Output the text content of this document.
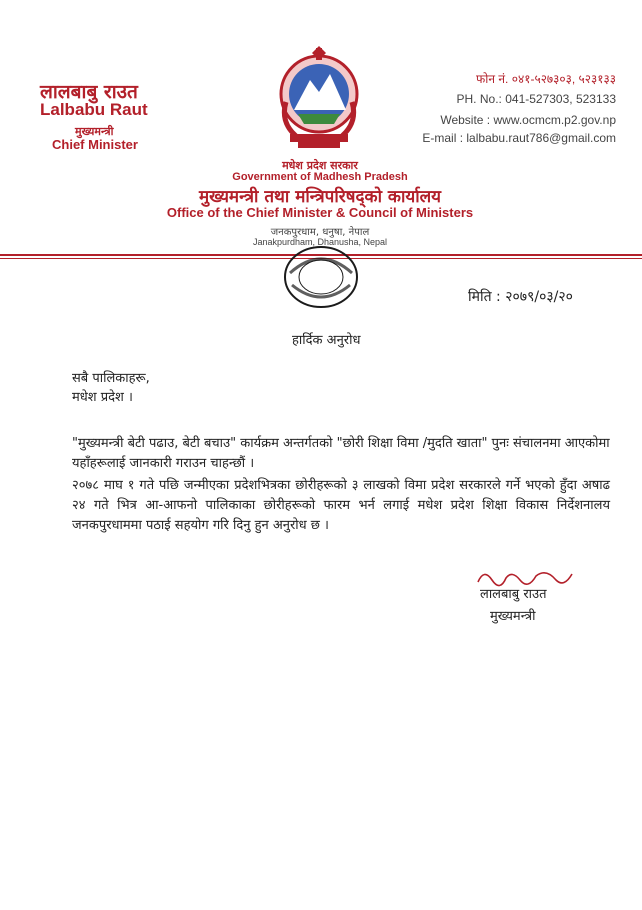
लालबाबु राउत
Lalbabu Raut
मुख्यमन्त्री
Chief Minister
फोन नं. ०४१-५२७३०३, ५२३१३३
PH. No.: 041-527303, 523133
Website : www.ocmcm.p2.gov.np
E-mail : lalbabu.raut786@gmail.com
मधेश प्रदेश सरकार
Government of Madhesh Pradesh
मुख्यमन्त्री तथा मन्त्रिपरिषद्को कार्यालय
Office of the Chief Minister & Council of Ministers
जनकपुरधाम, धनुषा, नेपाल
Janakpurdham, Dhanusha, Nepal
मिति : २०७९/०३/२०
हार्दिक अनुरोध
सबै पालिकाहरू,
मधेश प्रदेश ।
"मुख्यमन्त्री बेटी पढाउ, बेटी बचाउ" कार्यक्रम अन्तर्गतको "छोरी शिक्षा विमा /मुदति खाता" पुनः संचालनमा आएकोमा यहाँहरूलाई जानकारी गराउन चाहन्छौं ।
२०७८ माघ १ गते पछि जन्मीएका प्रदेशभित्रका छोरीहरूको ३ लाखको विमा प्रदेश सरकारले गर्ने भएको हुँदा अषाढ २४ गते भित्र आ-आफनो पालिकाका छोरीहरूको फारम भर्न लगाई मधेश प्रदेश शिक्षा विकास निर्देशनालय जनकपुरधाममा पठाई सहयोग गरि दिनु हुन अनुरोध छ ।
लालबाबु राउत
मुख्यमन्त्री
